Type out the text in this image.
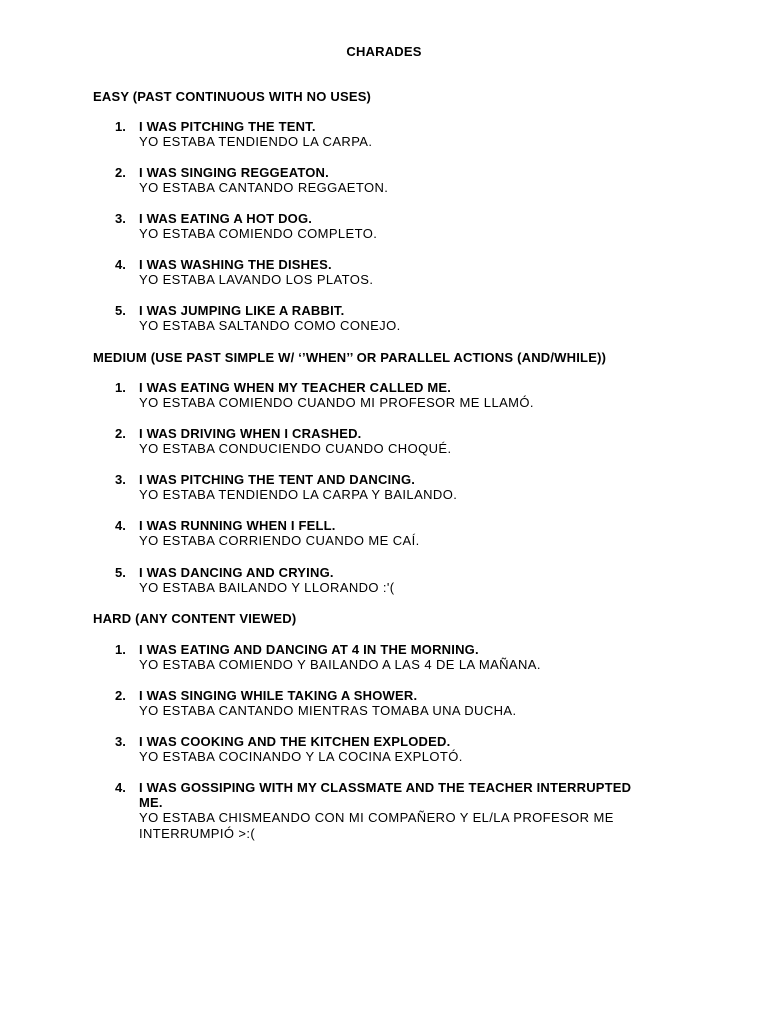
CHARADES
EASY (PAST CONTINUOUS WITH NO USES)
1. I WAS PITCHING THE TENT.
YO ESTABA TENDIENDO LA CARPA.
2. I WAS SINGING REGGEATON.
YO ESTABA CANTANDO REGGAETON.
3. I WAS EATING A HOT DOG.
YO ESTABA COMIENDO COMPLETO.
4. I WAS WASHING THE DISHES.
YO ESTABA LAVANDO LOS PLATOS.
5. I WAS JUMPING LIKE A RABBIT.
YO ESTABA SALTANDO COMO CONEJO.
MEDIUM (USE PAST SIMPLE W/ ‘’WHEN’’ OR PARALLEL ACTIONS (AND/WHILE))
1. I WAS EATING WHEN MY TEACHER CALLED ME.
YO ESTABA COMIENDO CUANDO MI PROFESOR ME LLAMÓ.
2. I WAS DRIVING WHEN I CRASHED.
YO ESTABA CONDUCIENDO CUANDO CHOQUÉ.
3. I WAS PITCHING THE TENT AND DANCING.
YO ESTABA TENDIENDO LA CARPA Y BAILANDO.
4. I WAS RUNNING WHEN I FELL.
YO ESTABA CORRIENDO CUANDO ME CAÍ.
5. I WAS DANCING AND CRYING.
YO ESTABA BAILANDO Y LLORANDO :'(
HARD (ANY CONTENT VIEWED)
1. I WAS EATING AND DANCING AT 4 IN THE MORNING.
YO ESTABA COMIENDO Y BAILANDO A LAS 4 DE LA MAÑANA.
2. I WAS SINGING WHILE TAKING A SHOWER.
YO ESTABA CANTANDO MIENTRAS TOMABA UNA DUCHA.
3. I WAS COOKING AND THE KITCHEN EXPLODED.
YO ESTABA COCINANDO Y LA COCINA EXPLOTÓ.
4. I WAS GOSSIPING WITH MY CLASSMATE AND THE TEACHER INTERRUPTED ME.
YO ESTABA CHISMEANDO CON MI COMPAÑERO Y EL/LA PROFESOR ME INTERRUMPIÓ >:(
